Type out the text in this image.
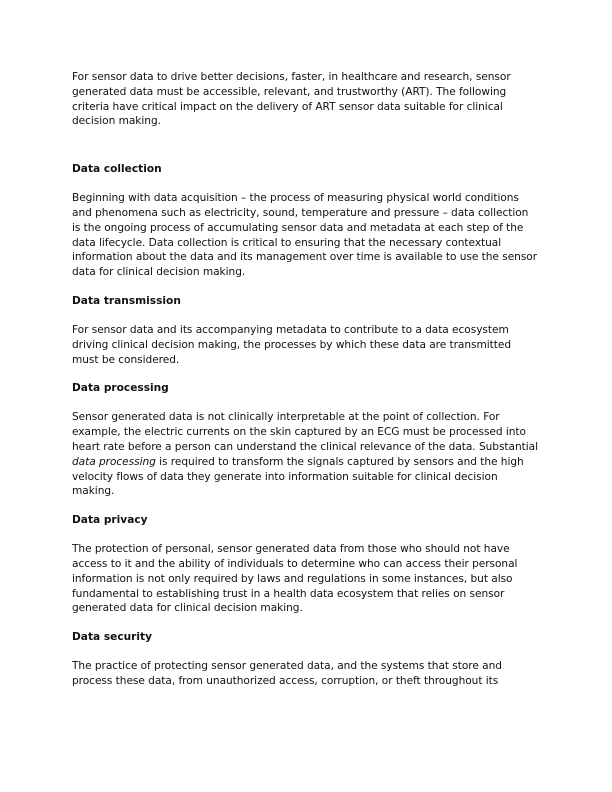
For sensor data to drive better decisions, faster, in healthcare and research, sensor generated data must be accessible, relevant, and trustworthy (ART). The following criteria have critical impact on the delivery of ART sensor data suitable for clinical decision making.

Data collection

Beginning with data acquisition – the process of measuring physical world conditions and phenomena such as electricity, sound, temperature and pressure – data collection is the ongoing process of accumulating sensor data and metadata at each step of the data lifecycle. Data collection is critical to ensuring that the necessary contextual information about the data and its management over time is available to use the sensor data for clinical decision making.

Data transmission

For sensor data and its accompanying metadata to contribute to a data ecosystem driving clinical decision making, the processes by which these data are transmitted must be considered.

Data processing

Sensor generated data is not clinically interpretable at the point of collection. For example, the electric currents on the skin captured by an ECG must be processed into heart rate before a person can understand the clinical relevance of the data. Substantial data processing is required to transform the signals captured by sensors and the high velocity flows of data they generate into information suitable for clinical decision making.

Data privacy

The protection of personal, sensor generated data from those who should not have access to it and the ability of individuals to determine who can access their personal information is not only required by laws and regulations in some instances, but also fundamental to establishing trust in a health data ecosystem that relies on sensor generated data for clinical decision making.

Data security

The practice of protecting sensor generated data, and the systems that store and process these data, from unauthorized access, corruption, or theft throughout its
